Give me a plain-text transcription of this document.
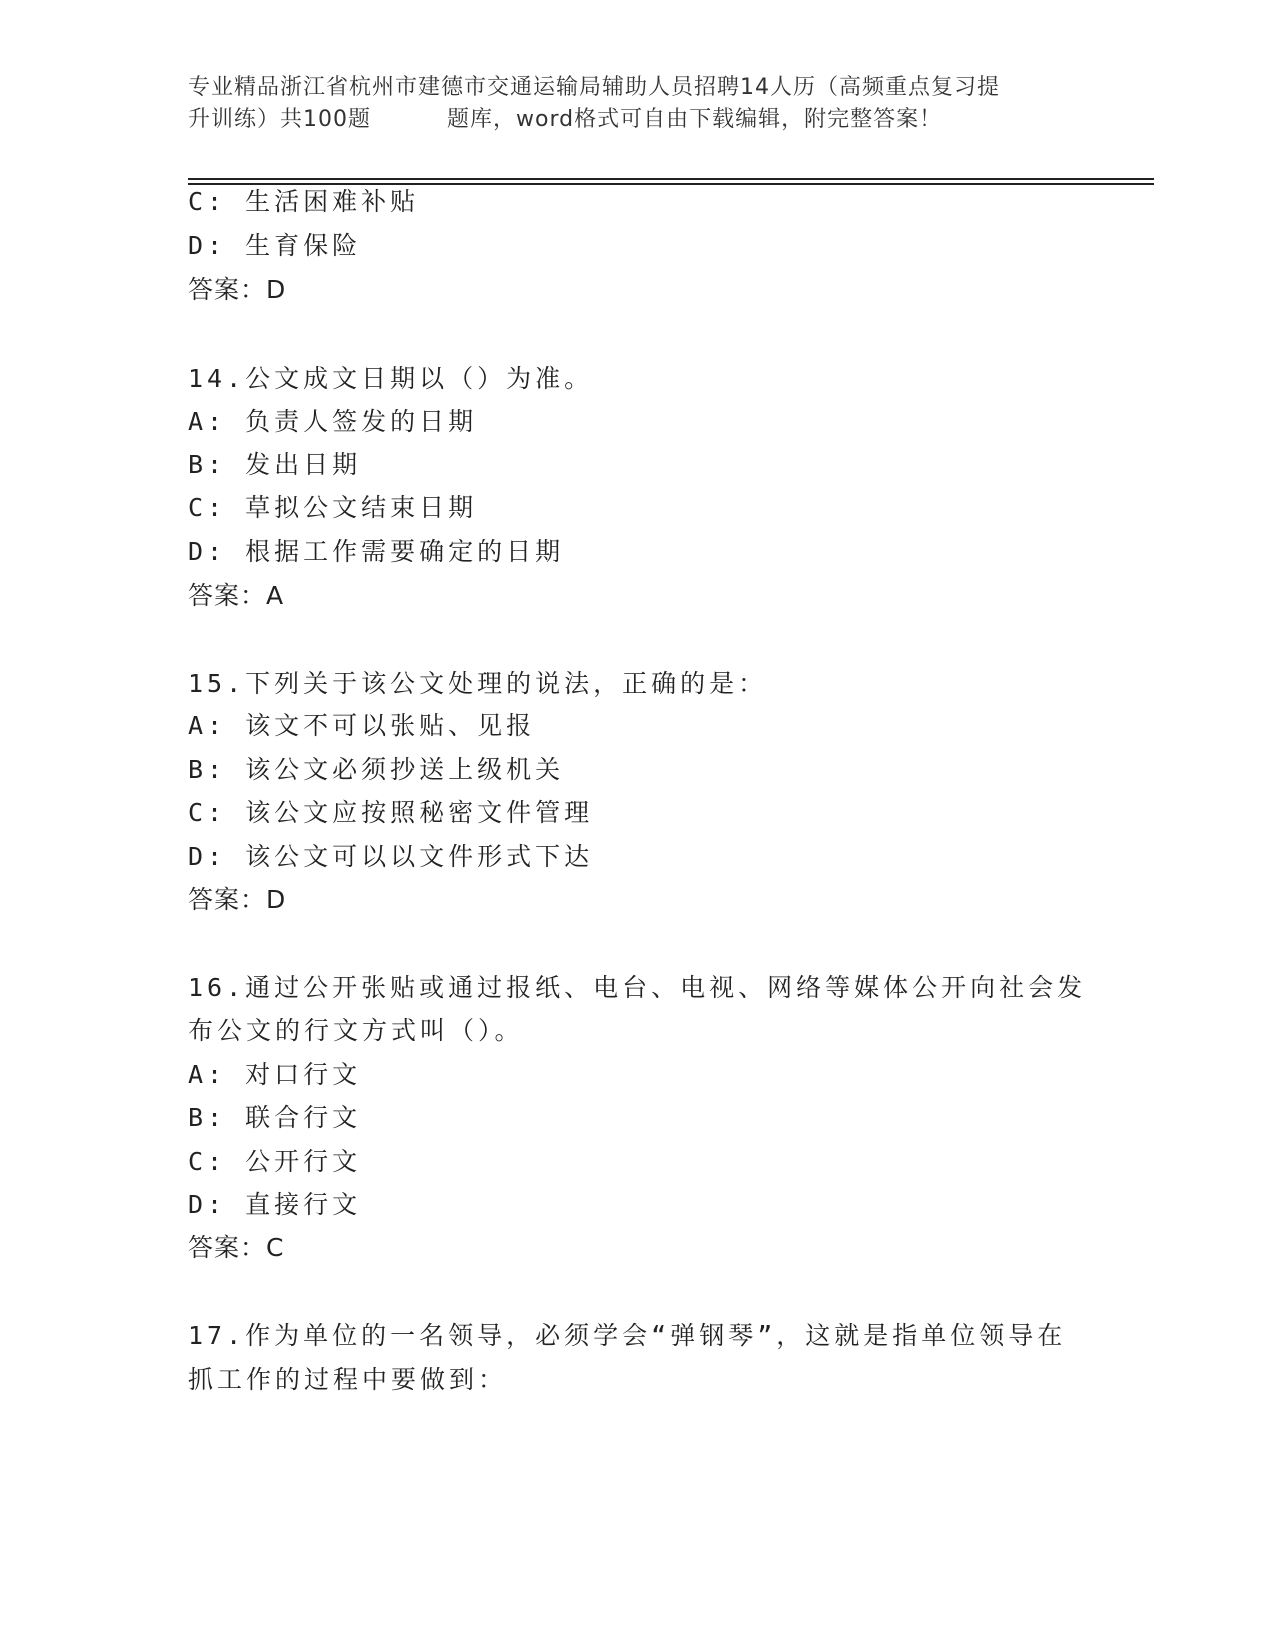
专业精品浙江省杭州市建德市交通运输局辅助人员招聘14人历（高频重点复习提
升训练）共100题	题库，word格式可自由下载编辑，附完整答案！
C: 生活困难补贴
D: 生育保险
答案：D
14.公文成文日期以（）为准。
A: 负责人签发的日期
B: 发出日期
C: 草拟公文结束日期
D: 根据工作需要确定的日期
答案：A
15.下列关于该公文处理的说法，正确的是：
A: 该文不可以张贴、见报
B: 该公文必须抄送上级机关
C: 该公文应按照秘密文件管理
D: 该公文可以以文件形式下达
答案：D
16.通过公开张贴或通过报纸、电台、电视、网络等媒体公开向社会发
布公文的行文方式叫（）。
A: 对口行文
B: 联合行文
C: 公开行文
D: 直接行文
答案：C
17.作为单位的一名领导，必须学会“弹钢琴”，这就是指单位领导在
抓工作的过程中要做到：
